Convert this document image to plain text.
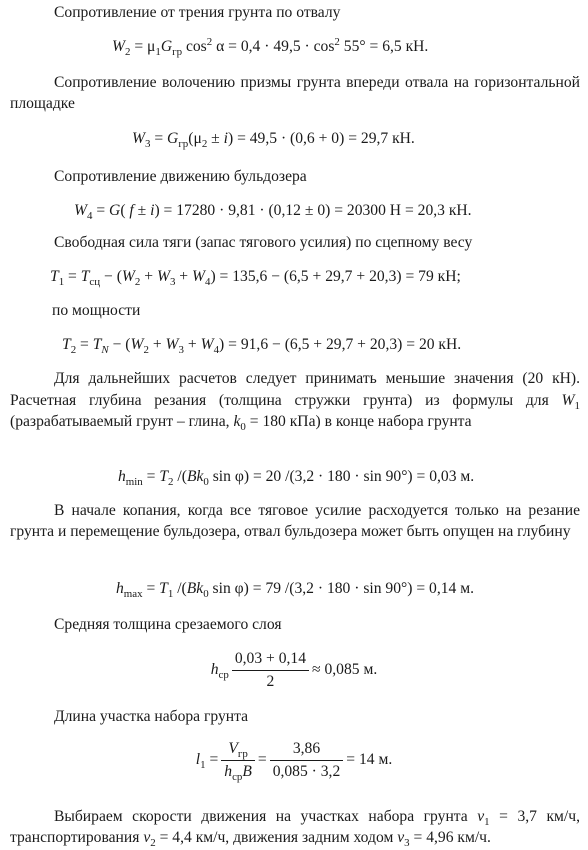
Сопротивление от трения грунта по отвалу
$W_2 = \mu_1G_{гр}$ $\cos^2 \alpha = 0,4 \cdot 49,5 \cdot \cos^2 55^\circ = 6,5$ кН.
Сопротивление волочению призмы грунта впереди отвала на горизонтальной площадке
$W_3 = G_{гр}(\mu_2 \pm i) = 49,5 \cdot (0,6 + 0) = 29,7$ кН.
Сопротивление движению бульдозера
$W_4 = G$( f ± i) = 17280 · 9,81 · (0,12 ± 0) = 20300 Н = 20,3 кН.
Свободная сила тяги (запас тягового усилия) по сцепному весу
$T_1 = T_{сц} - (W_2 + W_3 + W_4) = 135,6 - (6,5 + 29,7 + 20,3) = 79$ кН;
по мощности
$T_2 = T_N - (W_2 + W_3 + W_4) = 91,6 - (6,5 + 29,7 + 20,3) = 20$ кН.
Для дальнейших расчетов следует принимать меньшие значения (20 кН). Расчетная глубина резания (толщина стружки грунта) из формулы для $W_1$ (разрабатываемый грунт – глина, $k_0 = 180$ кПа) в конце набора грунта
$h_{min} = T_2$ $/(Bk_0$ sin φ) = 20 /(3,2 · 180 · sin 90°) = 0,03 м.
В начале копания, когда все тяговое усилие расходуется только на резание грунта и перемещение бульдозера, отвал бульдозера может быть опущен на глубину
$h_{max} = T_1$ $/(Bk_0$ sin φ) = 79 /(3,2 · 180 · sin 90°) = 0,14 м.
Средняя толщина срезаемого слоя
$h_{ср} \frac{0,03 + 0,14}{2} \approx 0,085$ м.
Длина участка набора грунта
$l_1 = \frac{V_{гр}}{h_{ср}B} = \frac{3,86}{0,085 \cdot 3,2} = 14$ м.
Выбираем скорости движения на участках набора грунта $v_1 = 3,7$ км/ч, транспортирования $v_2 = 4,4$ км/ч, движения задним ходом $v_3 = 4,96$ км/ч.
